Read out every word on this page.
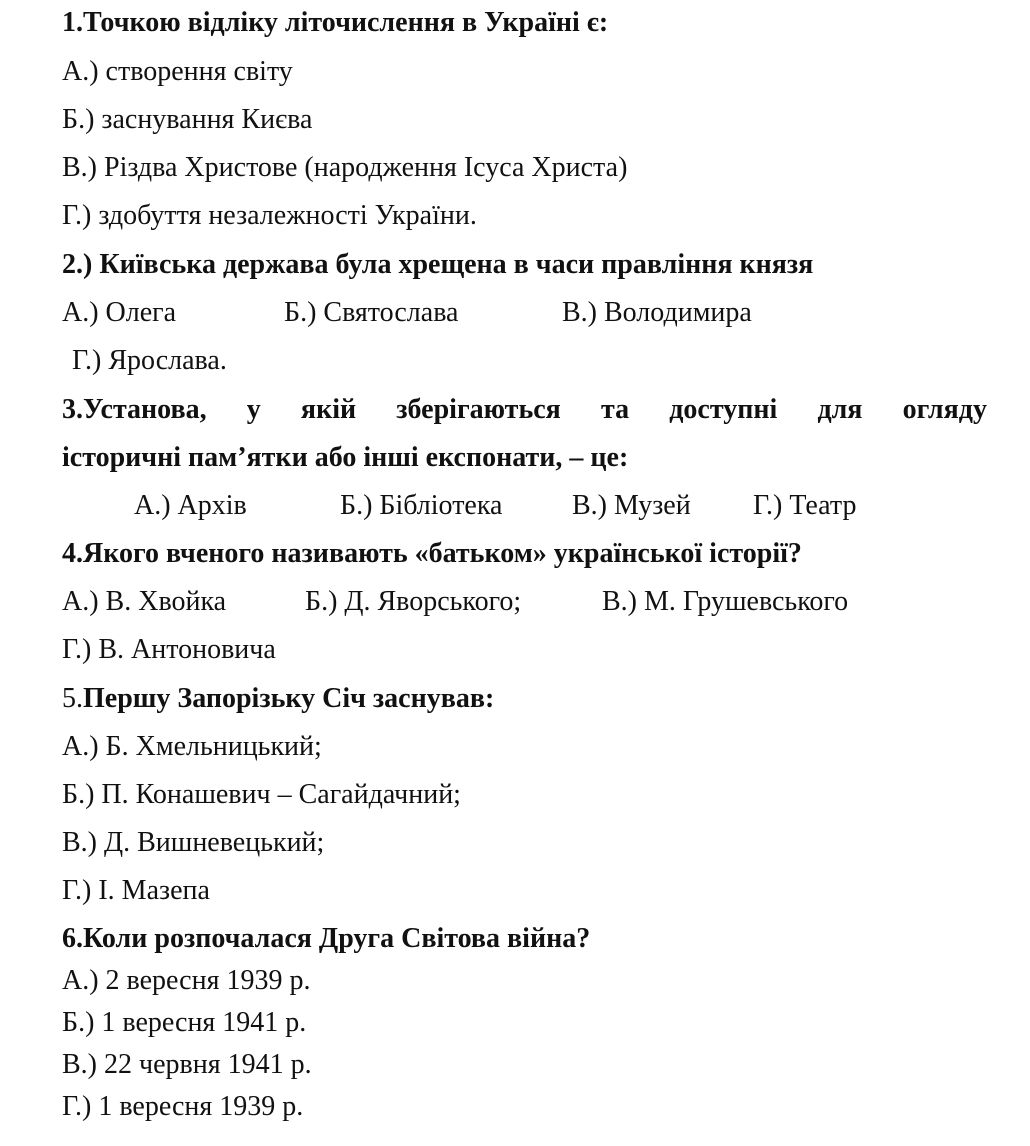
1.Точкою відліку літочислення в Україні є:
А.) створення світу
Б.) заснування Києва
В.) Різдва Христове (народження Ісуса Христа)
Г.) здобуття незалежності України.
2.) Київська держава була хрещена в часи правління князя
А.) Олега	Б.) Святослава	В.) Володимира
Г.) Ярослава.
3.Установа, у якій зберігаються та доступні для огляду
історичні пам’ятки або інші експонати, – це:
А.) Архів	Б.) Бібліотека В.) Музей Г.) Театр
4.Якого вченого називають «батьком» української історії?
А.) В. Хвойка	Б.) Д. Яворського;	В.) М. Грушевського
Г.) В. Антоновича
5.Першу Запорізьку Січ заснував:
А.) Б. Хмельницький;
Б.) П. Конашевич – Сагайдачний;
В.) Д. Вишневецький;
Г.) І. Мазепа
6.Коли розпочалася Друга Світова війна?
А.) 2 вересня 1939 р.
Б.) 1 вересня 1941 р.
В.) 22 червня 1941 р.
Г.) 1 вересня 1939 р.
